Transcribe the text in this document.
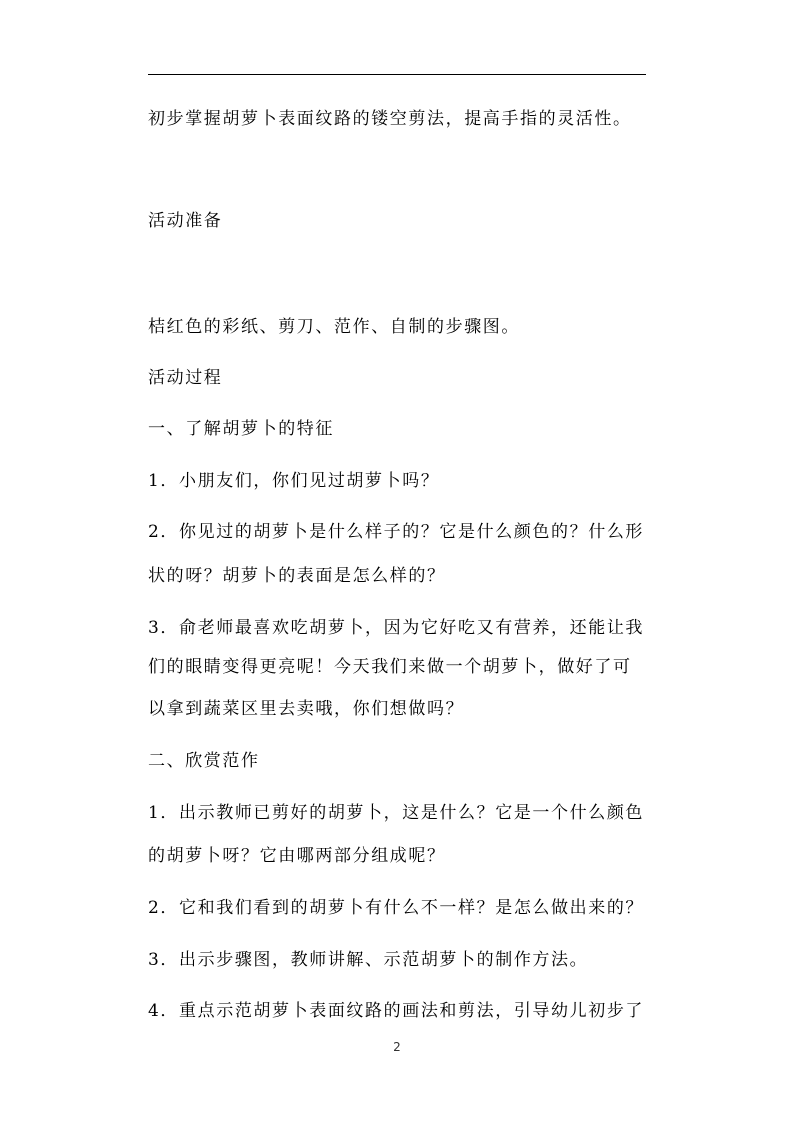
初步掌握胡萝卜表面纹路的镂空剪法，提高手指的灵活性。
活动准备
桔红色的彩纸、剪刀、范作、自制的步骤图。
活动过程
一、了解胡萝卜的特征
1．小朋友们，你们见过胡萝卜吗？
2．你见过的胡萝卜是什么样子的？它是什么颜色的？什么形
状的呀？胡萝卜的表面是怎么样的？
3．俞老师最喜欢吃胡萝卜，因为它好吃又有营养，还能让我
们的眼睛变得更亮呢！今天我们来做一个胡萝卜，做好了可
以拿到蔬菜区里去卖哦，你们想做吗？
二、欣赏范作
1．出示教师已剪好的胡萝卜，这是什么？它是一个什么颜色
的胡萝卜呀？它由哪两部分组成呢？
2．它和我们看到的胡萝卜有什么不一样？是怎么做出来的？
3．出示步骤图，教师讲解、示范胡萝卜的制作方法。
4．重点示范胡萝卜表面纹路的画法和剪法，引导幼儿初步了
2
